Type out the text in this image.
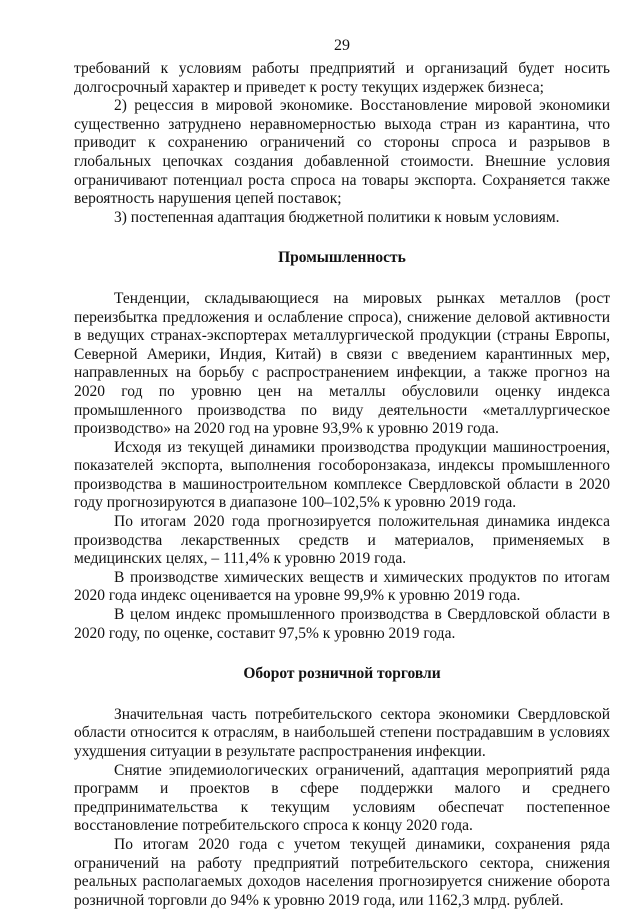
29

требований к условиям работы предприятий и организаций будет носить долгосрочный характер и приведет к росту текущих издержек бизнеса;

2) рецессия в мировой экономике. Восстановление мировой экономики существенно затруднено неравномерностью выхода стран из карантина, что приводит к сохранению ограничений со стороны спроса и разрывов в глобальных цепочках создания добавленной стоимости. Внешние условия ограничивают потенциал роста спроса на товары экспорта. Сохраняется также вероятность нарушения цепей поставок;

3) постепенная адаптация бюджетной политики к новым условиям.

Промышленность

Тенденции, складывающиеся на мировых рынках металлов (рост переизбытка предложения и ослабление спроса), снижение деловой активности в ведущих странах-экспортерах металлургической продукции (страны Европы, Северной Америки, Индия, Китай) в связи с введением карантинных мер, направленных на борьбу с распространением инфекции, а также прогноз на 2020 год по уровню цен на металлы обусловили оценку индекса промышленного производства по виду деятельности «металлургическое производство» на 2020 год на уровне 93,9% к уровню 2019 года.

Исходя из текущей динамики производства продукции машиностроения, показателей экспорта, выполнения гособоронзаказа, индексы промышленного производства в машиностроительном комплексе Свердловской области в 2020 году прогнозируются в диапазоне 100–102,5% к уровню 2019 года.

По итогам 2020 года прогнозируется положительная динамика индекса производства лекарственных средств и материалов, применяемых в медицинских целях, – 111,4% к уровню 2019 года.

В производстве химических веществ и химических продуктов по итогам 2020 года индекс оценивается на уровне 99,9% к уровню 2019 года.

В целом индекс промышленного производства в Свердловской области в 2020 году, по оценке, составит 97,5% к уровню 2019 года.

Оборот розничной торговли

Значительная часть потребительского сектора экономики Свердловской области относится к отраслям, в наибольшей степени пострадавшим в условиях ухудшения ситуации в результате распространения инфекции.

Снятие эпидемиологических ограничений, адаптация мероприятий ряда программ и проектов в сфере поддержки малого и среднего предпринимательства к текущим условиям обеспечат постепенное восстановление потребительского спроса к концу 2020 года.

По итогам 2020 года с учетом текущей динамики, сохранения ряда ограничений на работу предприятий потребительского сектора, снижения реальных располагаемых доходов населения прогнозируется снижение оборота розничной торговли до 94% к уровню 2019 года, или 1162,3 млрд. рублей.
